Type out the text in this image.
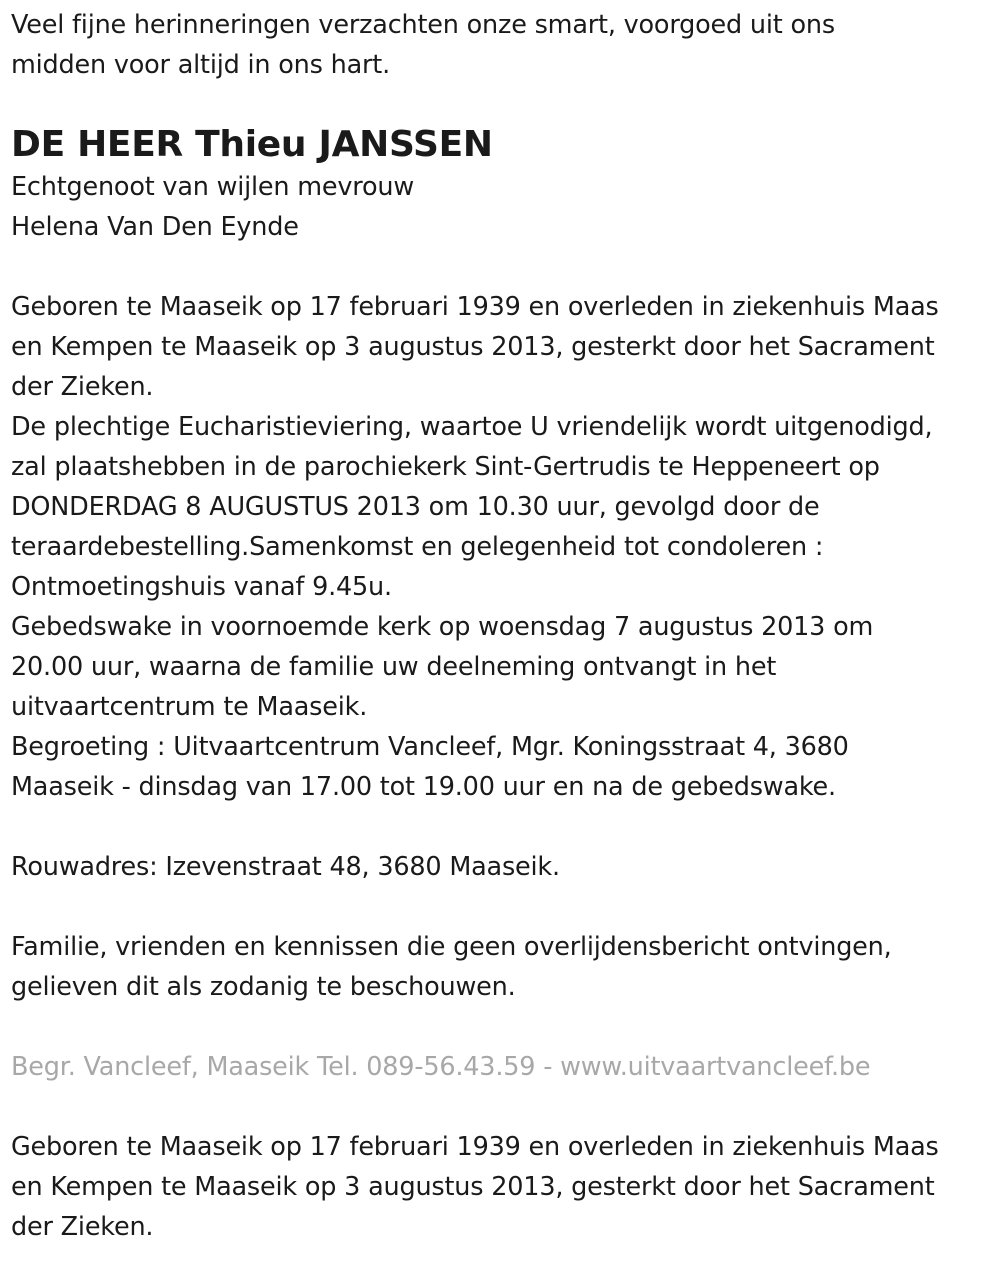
Veel fijne herinneringen verzachten onze smart, voorgoed uit ons
midden voor altijd in ons hart.
DE HEER Thieu JANSSEN
Echtgenoot van wijlen mevrouw
Helena Van Den Eynde
Geboren te Maaseik op 17 februari 1939 en overleden in ziekenhuis Maas
en Kempen te Maaseik op 3 augustus 2013, gesterkt door het Sacrament
der Zieken.
De plechtige Eucharistieviering, waartoe U vriendelijk wordt uitgenodigd,
zal plaatshebben in de parochiekerk Sint-Gertrudis te Heppeneert op
DONDERDAG 8 AUGUSTUS 2013 om 10.30 uur, gevolgd door de
teraardebestelling.Samenkomst en gelegenheid tot condoleren :
Ontmoetingshuis vanaf 9.45u.
Gebedswake in voornoemde kerk op woensdag 7 augustus 2013 om
20.00 uur, waarna de familie uw deelneming ontvangt in het
uitvaartcentrum te Maaseik.
Begroeting : Uitvaartcentrum Vancleef, Mgr. Koningsstraat 4, 3680
Maaseik - dinsdag van 17.00 tot 19.00 uur en na de gebedswake.
Rouwadres: Izevenstraat 48, 3680 Maaseik.
Familie, vrienden en kennissen die geen overlijdensbericht ontvingen,
gelieven dit als zodanig te beschouwen.
Begr. Vancleef, Maaseik Tel. 089-56.43.59 - www.uitvaartvancleef.be
Geboren te Maaseik op 17 februari 1939 en overleden in ziekenhuis Maas
en Kempen te Maaseik op 3 augustus 2013, gesterkt door het Sacrament
der Zieken.
